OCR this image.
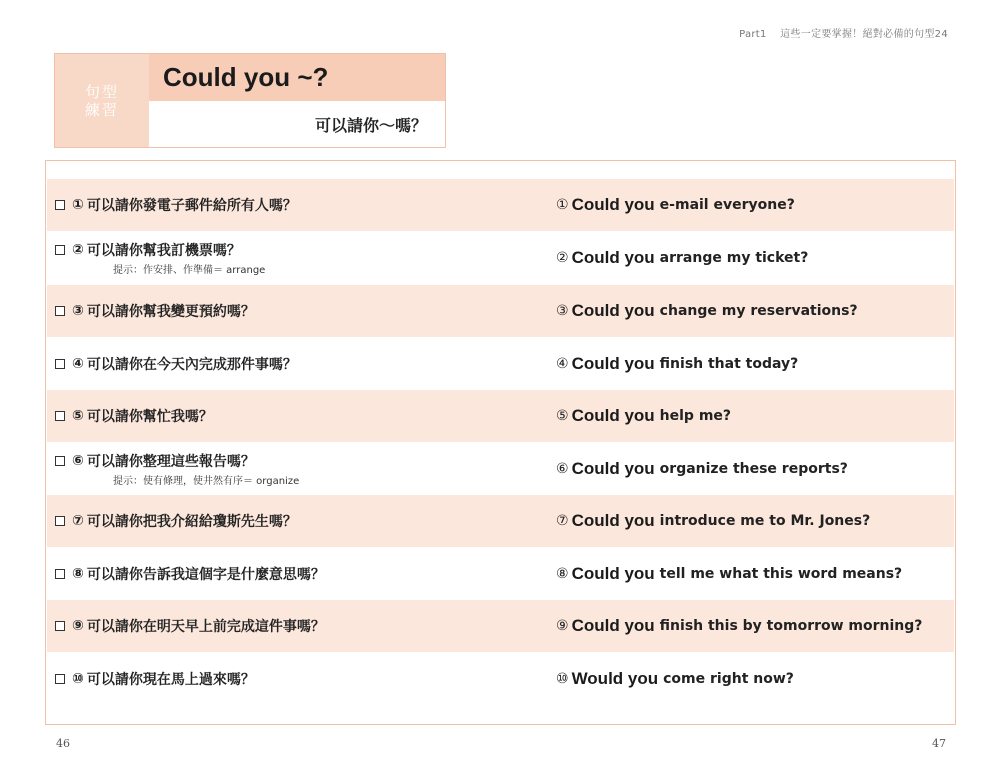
Part1 這些一定要掌握！絕對必備的句型24
句型
練習
Could you ~?
可以請你～嗎？
① 可以請你發電子郵件給所有人嗎？	① Could you e-mail everyone?
② 可以請你幫我訂機票嗎？
提示：作安排、作準備＝ arrange
② Could you arrange my ticket?
③ 可以請你幫我變更預約嗎？	③ Could you change my reservations?
④ 可以請你在今天內完成那件事嗎？	④ Could you finish that today?
⑤ 可以請你幫忙我嗎？	⑤ Could you help me?
⑥ 可以請你整理這些報告嗎？
提示：使有條理，使井然有序＝ organize
⑥ Could you organize these reports?
⑦ 可以請你把我介紹給瓊斯先生嗎？	⑦ Could you introduce me to Mr. Jones?
⑧ 可以請你告訴我這個字是什麼意思嗎？	⑧ Could you tell me what this word means?
⑨ 可以請你在明天早上前完成這件事嗎？	⑨ Could you finish this by tomorrow morning?
⑩ 可以請你現在馬上過來嗎？	⑩ Would you come right now?
46	47
